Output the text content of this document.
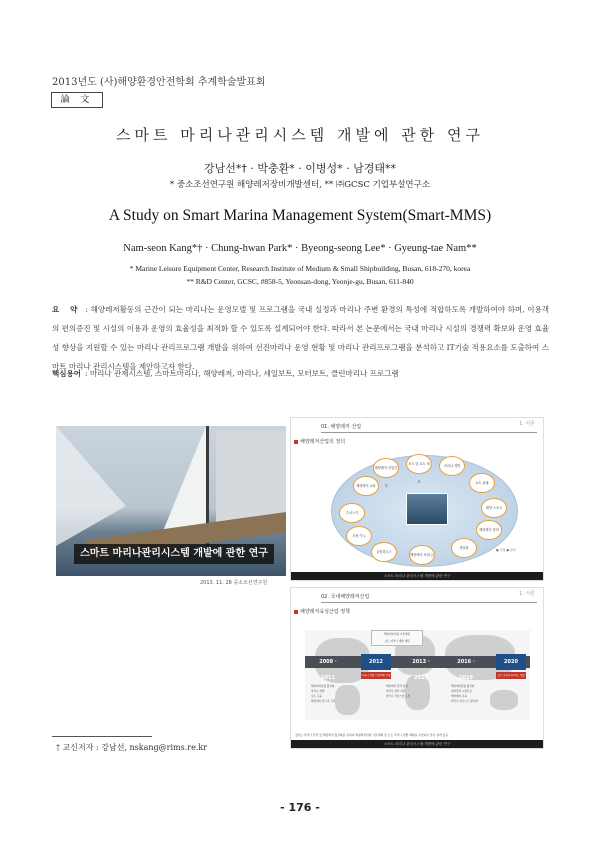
2013년도 (사)해양환경안전학회 추계학술발표회
論 文
스마트 마리나관리시스템 개발에 관한 연구
강남선*† · 박충환* · 이병성* · 남경태**
* 중소조선연구원 해양레저장비개발센터, ** ㈜GCSC 기업부설연구소
A Study on Smart Marina Management System(Smart-MMS)
Nam-seon Kang*† · Chung-hwan Park* · Byeong-seong Lee* · Gyeung-tae Nam**
* Marine Leisure Equipment Center, Research Institute of Medium & Small Shipbuilding, Busan, 618-270, korea
** R&D Center, GCSC, #858-5, Yeonsan-dong, Yeonje-gu, Busan, 611-840
요 약 : 해양레저활동의 근간이 되는 마리나는 운영모델 및 프로그램을 국내 실정과 마리나 주변 환경의 특성에 적합하도록 개발하여야 하며, 이용객의 편의증진 및 시설의 이용과 운영의 효율성을 최적화 할 수 있도록 설계되어야 한다. 따라서 본 논문에서는 국내 마리나 시설의 경쟁력 확보와 운영 효율성 향상을 지원할 수 있는 마리나 관리프로그램 개발을 위하여 선진마리나 운영 현황 및 마리나 관리프로그램을 분석하고 IT기술 적용요소를 도출하여 스마트 마리나 관리시스템을 제안하고자 한다.
핵심용어 : 마리나 관제시스템, 스마트마리나, 해양레저, 마리나, 세일보트, 모터보트, 클린마리나 프로그램
스마트 마리나관리시스템 개발에 관한 연구
2013. 11. 28 중소조선연구원
1. 서론
01. 해양레저 산업
해양레저산업의 정의
해양레저 산업단지
보트 및 요트 제조
마리나 개발
요트 관광
해양레저 교육
해양 스포츠
수상스키
해양레저 장비
조정·카누
세일링
클럽하우스
해양레저 보험·금
● 직접 ● 관련
스마트 마리나 관리시스템 개발에 관한 연구
1. 서론
02. 국내해양레저산업
해양레저육성산업 정책
해양레저관광 기본계획
요트 마리나 개발 계획
2008 · 2011
2012	2013 · 2015
2016 · 2019
2020
마리나 개발 기본계획 수립	요트 마리나 10개소 개발 계획
해양레저관광 활성화
마리나 개발
보트 교육
해양레저 인프라 구축
해양레저 인력 양성
마리나 항만 지정
마리나 서비스업 도입
해양레저관광 활성화
레저선박 시험인증
해양레저 교육
마리나 비즈니스 활성화
정부는 마리나 관리 및 해양레저 활성화를 위하여 해양레저관광 기본계획 및 요트 마리나 개발 계획을 수립하여 추진 중에 있음
스마트 마리나 관리시스템 개발에 관한 연구
† 교신저자 : 강남선, nskang@rims.re.kr
- 176 -
